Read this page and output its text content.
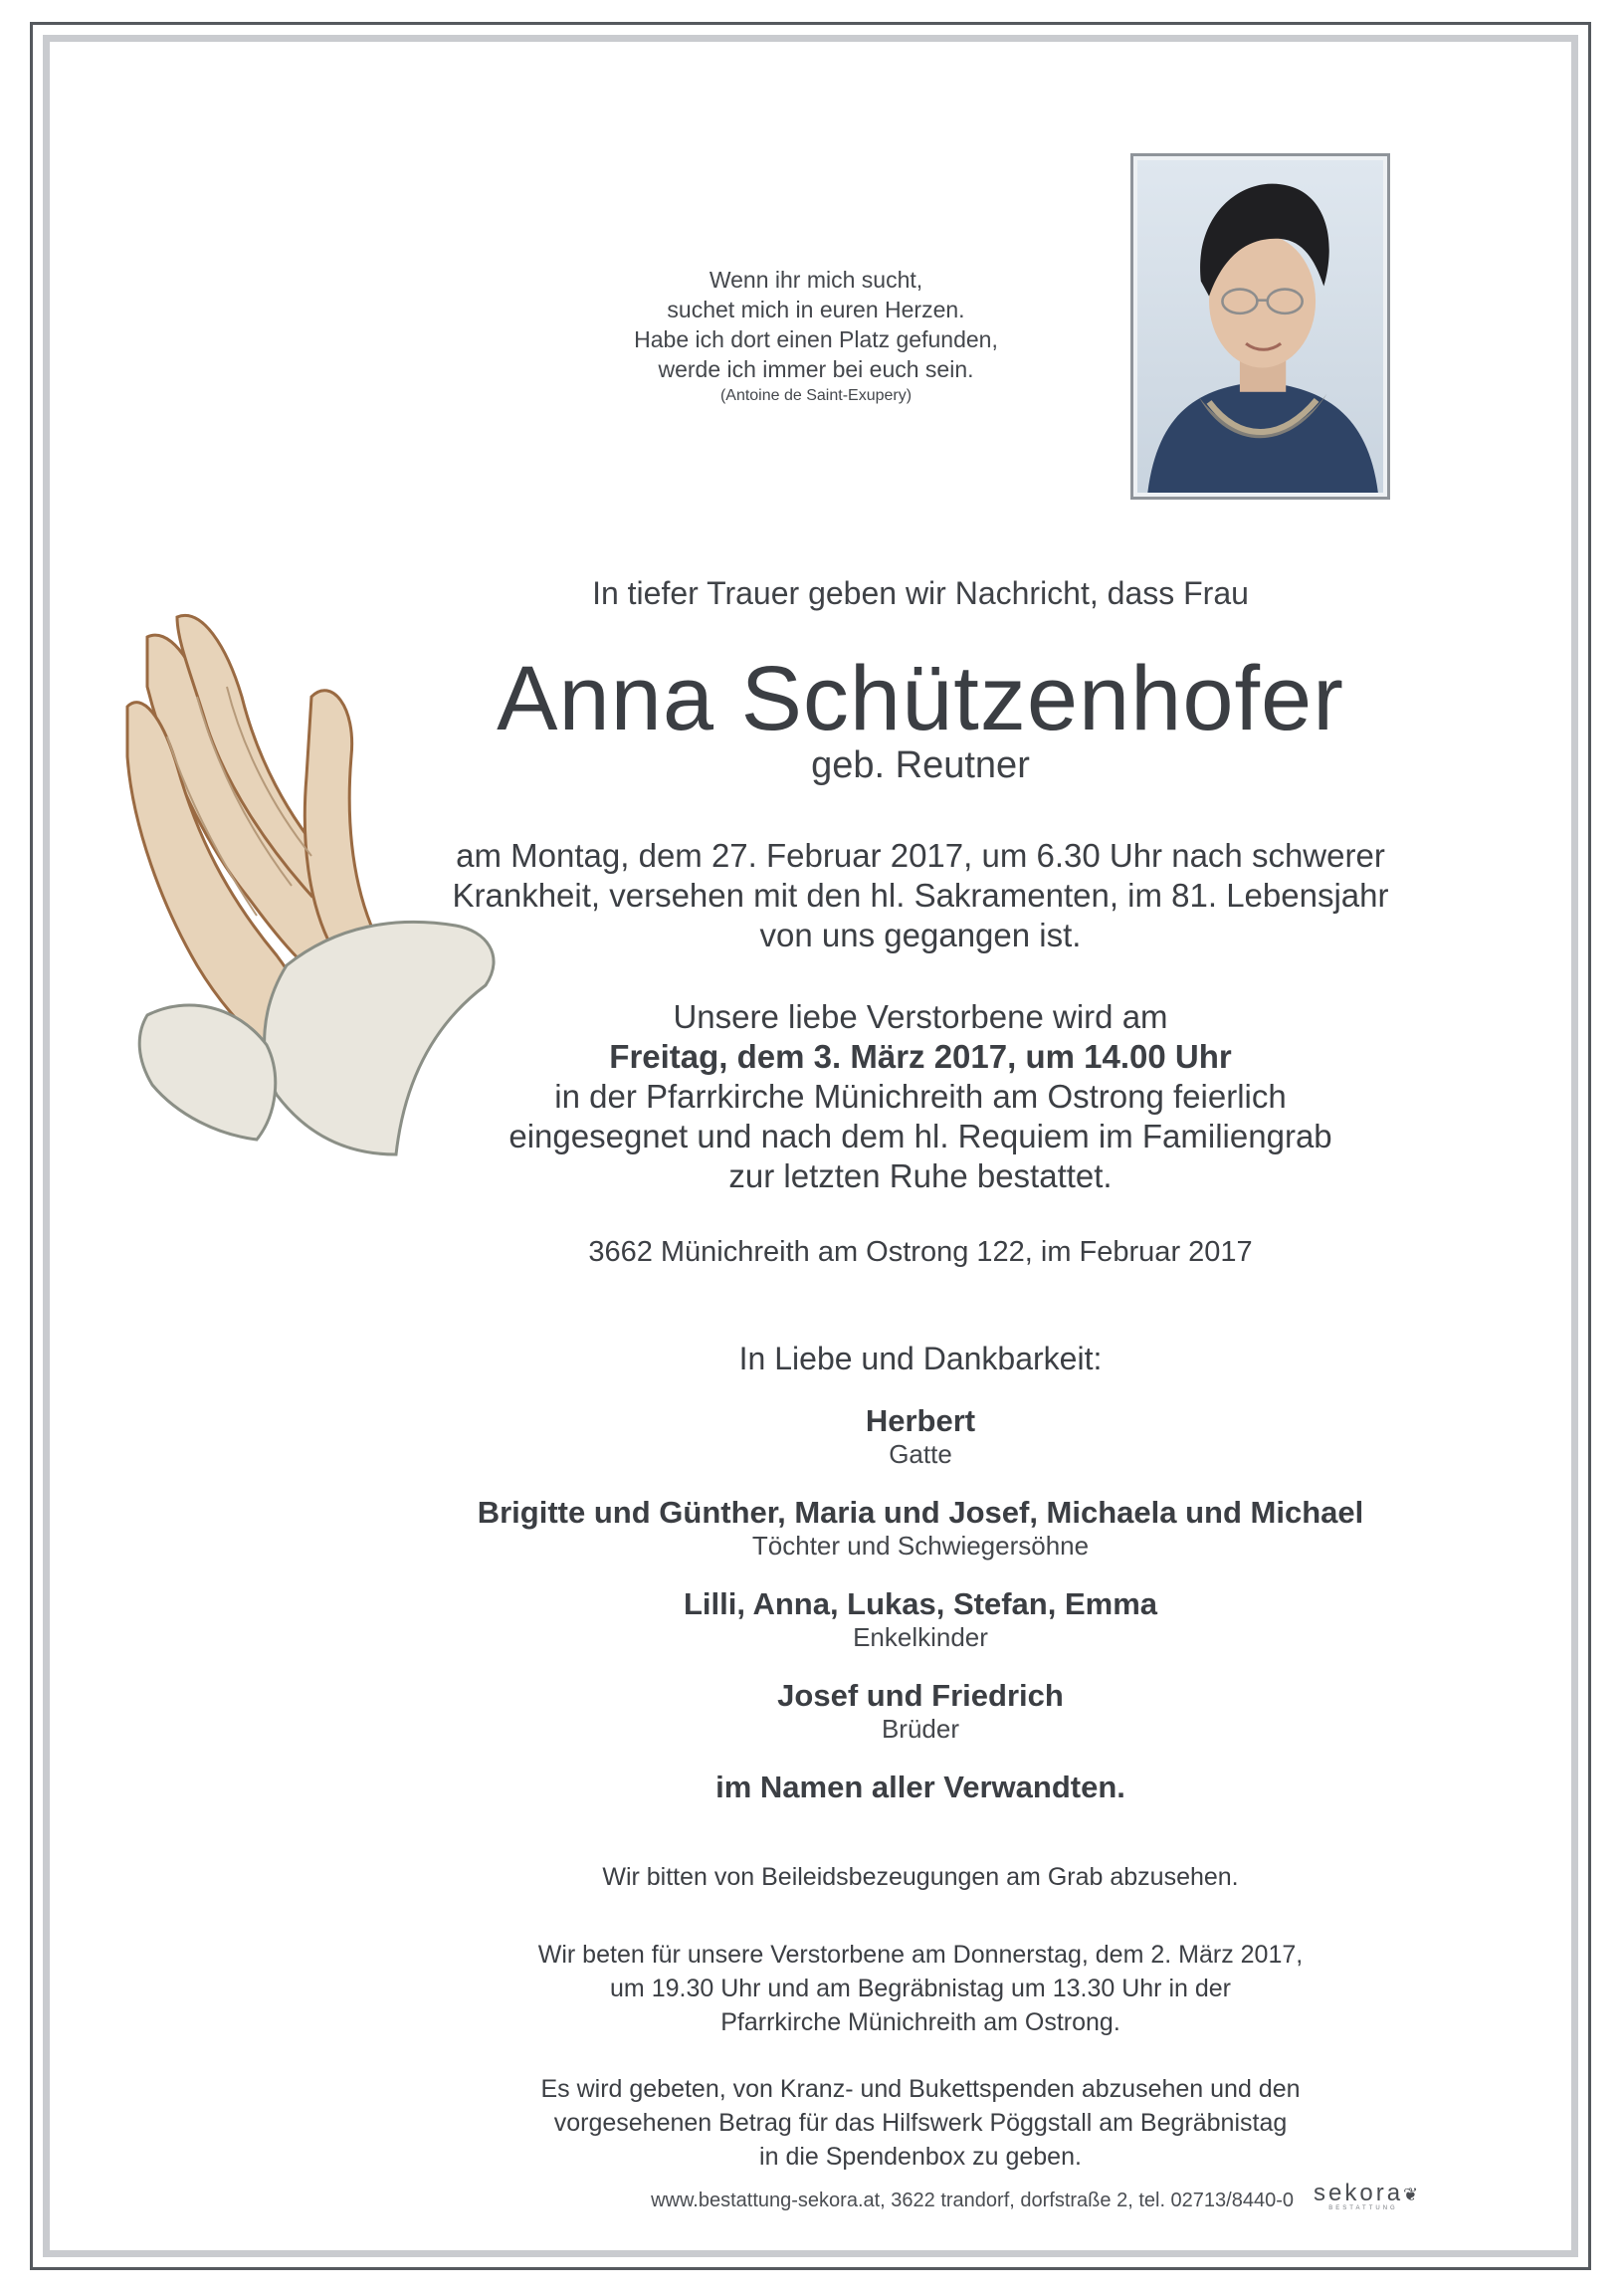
Wenn ihr mich sucht,
suchet mich in euren Herzen.
Habe ich dort einen Platz gefunden,
werde ich immer bei euch sein.
(Antoine de Saint-Exupery)
In tiefer Trauer geben wir Nachricht, dass Frau
Anna Schützenhofer
geb. Reutner
am Montag, dem 27. Februar 2017, um 6.30 Uhr nach schwerer
Krankheit, versehen mit den hl. Sakramenten, im 81. Lebensjahr
von uns gegangen ist.
Unsere liebe Verstorbene wird am
Freitag, dem 3. März 2017, um 14.00 Uhr
in der Pfarrkirche Münichreith am Ostrong feierlich
eingesegnet und nach dem hl. Requiem im Familiengrab
zur letzten Ruhe bestattet.
3662 Münichreith am Ostrong 122, im Februar 2017
In Liebe und Dankbarkeit:
Herbert
Gatte
Brigitte und Günther, Maria und Josef, Michaela und Michael
Töchter und Schwiegersöhne
Lilli, Anna, Lukas, Stefan, Emma
Enkelkinder
Josef und Friedrich
Brüder
im Namen aller Verwandten.
Wir bitten von Beileidsbezeugungen am Grab abzusehen.
Wir beten für unsere Verstorbene am Donnerstag, dem 2. März 2017,
um 19.30 Uhr und am Begräbnistag um 13.30 Uhr in der
Pfarrkirche Münichreith am Ostrong.
Es wird gebeten, von Kranz- und Bukettspenden abzusehen und den
vorgesehenen Betrag für das Hilfswerk Pöggstall am Begräbnistag
in die Spendenbox zu geben.
www.bestattung-sekora.at, 3622 trandorf, dorfstraße 2, tel. 02713/8440-0 sekora❦
BESTATTUNG
